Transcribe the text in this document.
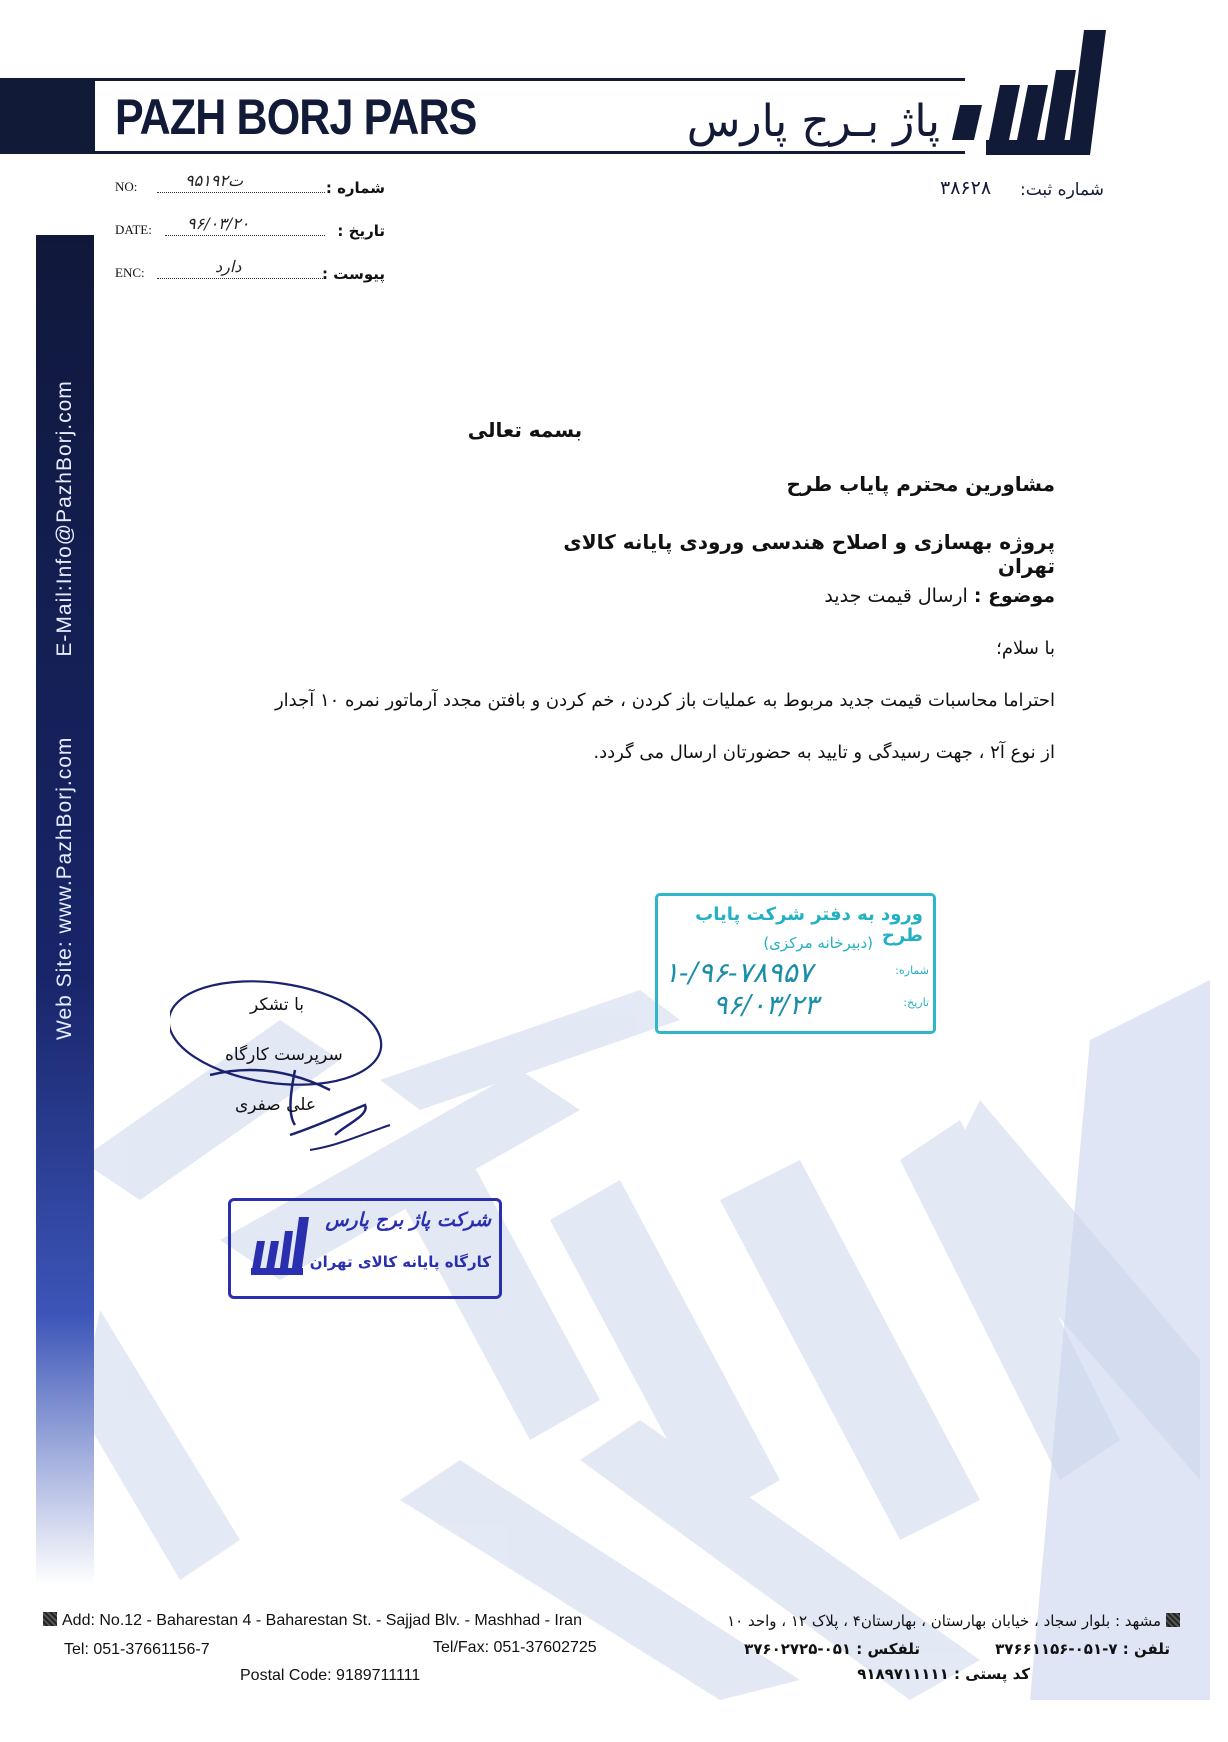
PAZH BORJ PARS	پاژ بـرج پارس
شماره ثبت:
۳۸۶۲۸
NO:	۹۵ت۱۹۲	شماره :
DATE: ۹۶/۰۳/۲۰	تاریخ :
ENC:	دارد	پیوست :
Web Site: www.PazhBorj.com
E-Mail:Info@PazhBorj.com	بسمه تعالی
مشاورین محترم پایاب طرح
پروژه بهسازی و اصلاح هندسی ورودی پایانه کالای تهران
موضوع : ارسال قیمت جدید
با سلام؛
احتراما محاسبات قیمت جدید مربوط به عملیات باز کردن ، خم کردن و بافتن مجدد آرماتور نمره ۱۰ آجدار
از نوع آ۲ ، جهت رسیدگی و تایید به حضورتان ارسال می گردد.
ورود به دفتر شرکت پایاب طرح
(دبیرخانه مرکزی)
شماره:
تاریخ:
۱-/۹۶-۷۸۹۵۷
۹۶/۰۳/۲۳
با تشکر
سرپرست کارگاه
علی صفری
شرکت پاژ برج پارس
کارگاه پایانه کالای تهران
Add: No.12 - Baharestan 4 - Baharestan St. - Sajjad Blv. - Mashhad - Iran
Tel: 051-37661156-7	Tel/Fax: 051-37602725
Postal Code: 9189711111
مشهد : بلوار سجاد ، خیابان بهارستان ، بهارستان۴ ، پلاک ۱۲ ، واحد ۱۰
تلفن : ۷-۰۵۱-۳۷۶۶۱۱۵۶
تلفکس : ۰۵۱-۳۷۶۰۲۷۲۵
کد پستی : ۹۱۸۹۷۱۱۱۱۱
